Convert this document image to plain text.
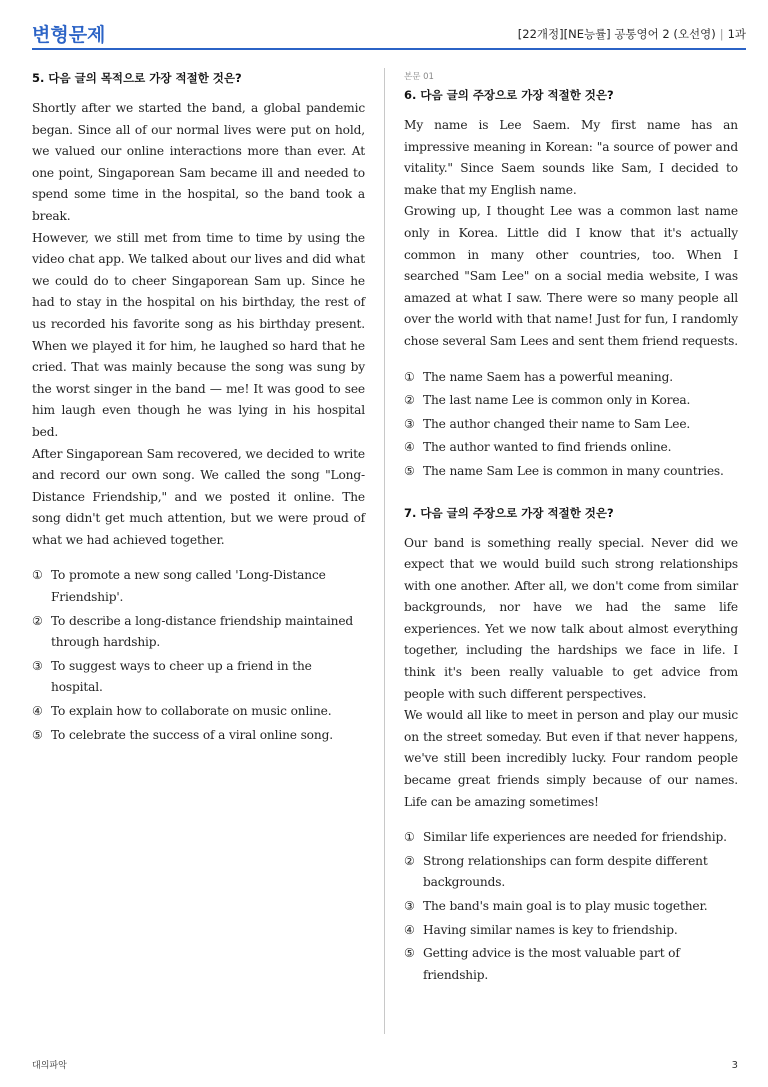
변형문제	[22개정][NE능률] 공통영어 2 (오선영) | 1과
5. 다음 글의 목적으로 가장 적절한 것은?

Shortly after we started the band, a global pandemic began. Since all of our normal lives were put on hold, we valued our online interactions more than ever. At one point, Singaporean Sam became ill and needed to spend some time in the hospital, so the band took a break.

However, we still met from time to time by using the video chat app. We talked about our lives and did what we could do to cheer Singaporean Sam up. Since he had to stay in the hospital on his birthday, the rest of us recorded his favorite song as his birthday present. When we played it for him, he laughed so hard that he cried. That was mainly because the song was sung by the worst singer in the band — me! It was good to see him laugh even though he was lying in his hospital bed.

After Singaporean Sam recovered, we decided to write and record our own song. We called the song "Long-Distance Friendship," and we posted it online. The song didn't get much attention, but we were proud of what we had achieved together.

① To promote a new song called 'Long-Distance Friendship'.
② To describe a long-distance friendship maintained through hardship.
③ To suggest ways to cheer up a friend in the hospital.
④ To explain how to collaborate on music online.
⑤ To celebrate the success of a viral online song.
본문 01
6. 다음 글의 주장으로 가장 적절한 것은?

My name is Lee Saem. My first name has an impressive meaning in Korean: "a source of power and vitality." Since Saem sounds like Sam, I decided to make that my English name.

Growing up, I thought Lee was a common last name only in Korea. Little did I know that it's actually common in many other countries, too. When I searched "Sam Lee" on a social media website, I was amazed at what I saw. There were so many people all over the world with that name! Just for fun, I randomly chose several Sam Lees and sent them friend requests.

① The name Saem has a powerful meaning.
② The last name Lee is common only in Korea.
③ The author changed their name to Sam Lee.
④ The author wanted to find friends online.
⑤ The name Sam Lee is common in many countries.
7. 다음 글의 주장으로 가장 적절한 것은?

Our band is something really special. Never did we expect that we would build such strong relationships with one another. After all, we don't come from similar backgrounds, nor have we had the same life experiences. Yet we now talk about almost everything together, including the hardships we face in life. I think it's been really valuable to get advice from people with such different perspectives.

We would all like to meet in person and play our music on the street someday. But even if that never happens, we've still been incredibly lucky. Four random people became great friends simply because of our names. Life can be amazing sometimes!

① Similar life experiences are needed for friendship.
② Strong relationships can form despite different backgrounds.
③ The band's main goal is to play music together.
④ Having similar names is key to friendship.
⑤ Getting advice is the most valuable part of friendship.
대의파악	3
